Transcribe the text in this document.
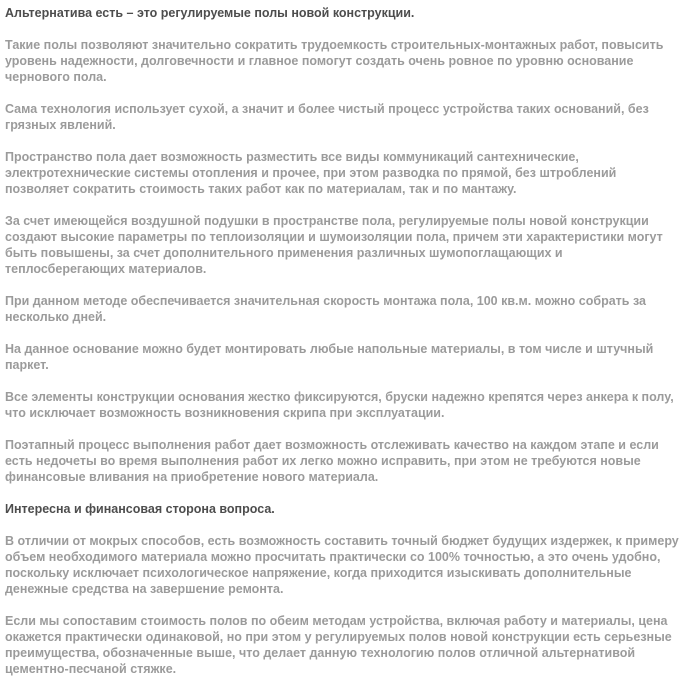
Альтернатива есть – это регулируемые полы новой конструкции.
Такие полы позволяют значительно сократить трудоемкость строительных-монтажных работ, повысить уровень надежности, долговечности и главное помогут создать очень ровное по уровню основание чернового пола.
Сама технология использует сухой, а значит и более чистый процесс устройства таких оснований, без грязных явлений.
Пространство пола дает возможность разместить все виды коммуникаций сантехнические, электротехнические системы отопления и прочее, при этом разводка по прямой, без штроблений позволяет сократить стоимость таких работ как по материалам, так и по мантажу.
За счет имеющейся воздушной подушки в пространстве пола, регулируемые полы новой конструкции создают высокие параметры по теплоизоляции и шумоизоляции пола, причем эти характеристики могут быть повышены, за счет дополнительного применения различных шумопоглащающих и теплосберегающих материалов.
При данном методе обеспечивается значительная скорость монтажа пола, 100 кв.м. можно собрать за несколько дней.
На данное основание можно будет монтировать любые напольные материалы, в том числе и штучный паркет.
Все элементы конструкции основания жестко фиксируются, бруски надежно крепятся через анкера к полу, что исключает возможность возникновения скрипа при эксплуатации.
Поэтапный процесс выполнения работ дает возможность отслеживать качество на каждом этапе и если есть недочеты во время выполнения работ их легко можно исправить, при этом не требуются новые финансовые вливания на приобретение нового материала.
Интересна и финансовая сторона вопроса.
В отличии от мокрых способов, есть возможность составить точный бюджет будущих издержек, к примеру объем необходимого материала можно просчитать практически со 100% точностью, а это очень удобно, поскольку исключает психологическое напряжение, когда приходится изыскивать дополнительные денежные средства на завершение ремонта.
Если мы сопоставим стоимость полов по обеим методам устройства, включая работу и материалы, цена окажется практически одинаковой, но при этом у регулируемых полов новой конструкции есть серьезные преимущества, обозначенные выше, что делает данную технологию полов отличной альтернативой цементно-песчаной стяжке.
